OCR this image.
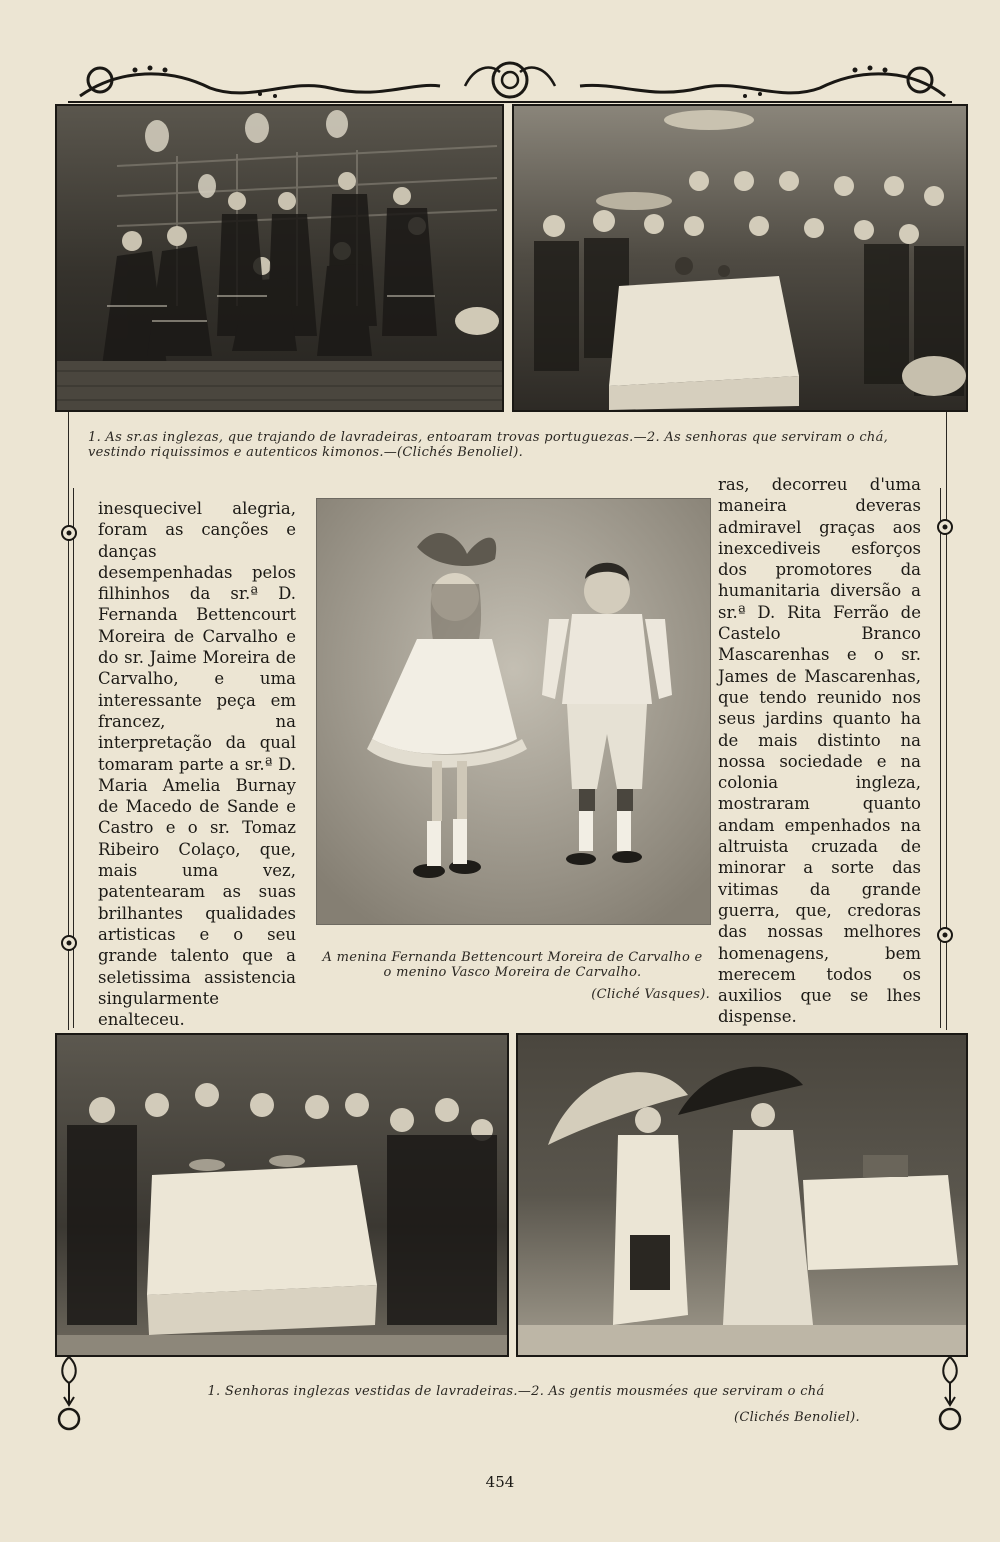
1. As sr.as inglezas, que trajando de lavradeiras, entoaram trovas portuguezas.—2. As senhoras que serviram o chá, vestindo riquissimos e autenticos kimonos.—(Clichés Benoliel).

inesquecivel alegria, foram as canções e danças desempenhadas pelos filhinhos da sr.ª D. Fernanda Bettencourt Moreira de Carvalho e do sr. Jaime Moreira de Carvalho, e uma interessante peça em francez, na interpretação da qual tomaram parte a sr.ª D. Maria Amelia Burnay de Macedo de Sande e Castro e o sr. Tomaz Ribeiro Colaço, que, mais uma vez, patentearam as suas brilhantes qualidades artisticas e o seu grande talento que a seletissima assistencia singularmente enalteceu.

A menina Fernanda Bettencourt Moreira de Carvalho e
o menino Vasco Moreira de Carvalho.
(Cliché Vasques).

ras, decorreu d'uma maneira deveras admiravel graças aos inexcediveis esforços dos promotores da humanitaria diversão a sr.ª D. Rita Ferrão de Castelo Branco Mascarenhas e o sr. James de Mascarenhas, que tendo reunido nos seus jardins quanto ha de mais distinto na nossa sociedade e na colonia ingleza, mostraram quanto andam empenhados na altruista cruzada de minorar a sorte das vitimas da grande guerra, que, credoras das nossas melhores homenagens, bem merecem todos os auxilios que se lhes dispense.

1. Senhoras inglezas vestidas de lavradeiras.—2. As gentis mousmées que serviram o chá
(Clichés Benoliel).
454
